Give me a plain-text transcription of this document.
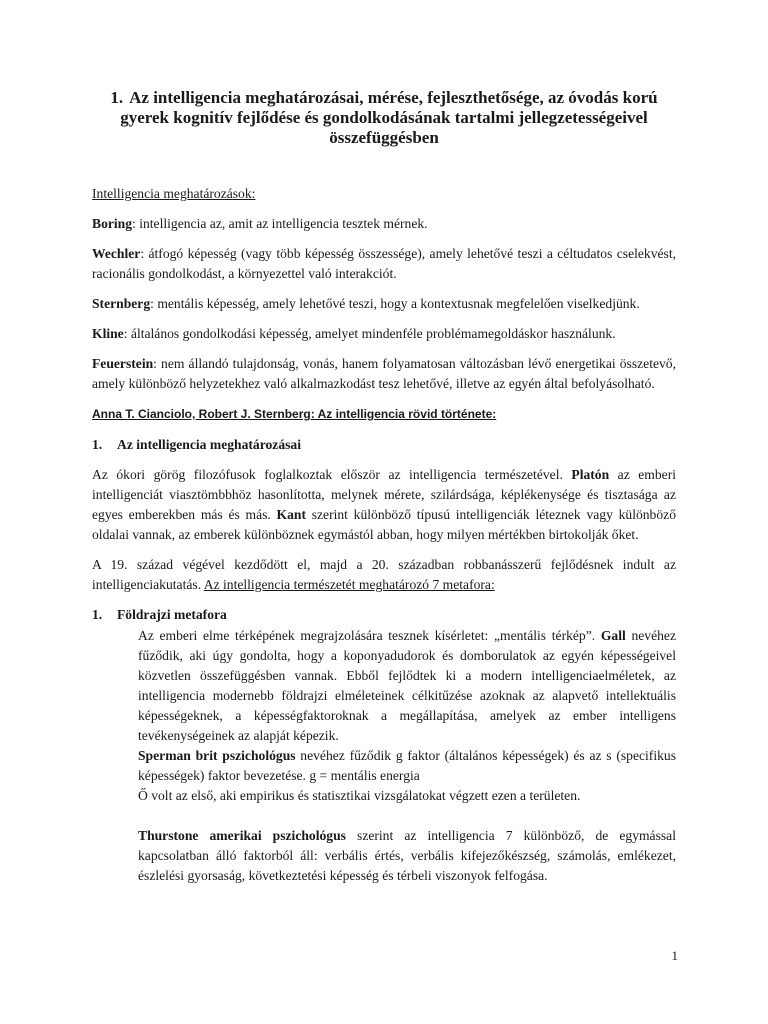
1. Az intelligencia meghatározásai, mérése, fejleszthetősége, az óvodás korú gyerek kognitív fejlődése és gondolkodásának tartalmi jellegzetességeivel összefüggésben

Intelligencia meghatározások:

Boring: intelligencia az, amit az intelligencia tesztek mérnek.

Wechler: átfogó képesség (vagy több képesség összessége), amely lehetővé teszi a céltudatos cselekvést, racionális gondolkodást, a környezettel való interakciót.

Sternberg: mentális képesség, amely lehetővé teszi, hogy a kontextusnak megfelelően viselkedjünk.

Kline: általános gondolkodási képesség, amelyet mindenféle problémamegoldáskor használunk.

Feuerstein: nem állandó tulajdonság, vonás, hanem folyamatosan változásban lévő energetikai összetevő, amely különböző helyzetekhez való alkalmazkodást tesz lehetővé, illetve az egyén által befolyásolható.

Anna T. Cianciolo, Robert J. Sternberg: Az intelligencia rövid története:

1.	Az intelligencia meghatározásai

Az ókori görög filozófusok foglalkoztak először az intelligencia természetével. Platón az emberi intelligenciát viasztömbbhöz hasonlította, melynek mérete, szilárdsága, képlékenysége és tisztasága az egyes emberekben más és más. Kant szerint különböző típusú intelligenciák léteznek vagy különböző oldalai vannak, az emberek különböznek egymástól abban, hogy milyen mértékben birtokolják őket.

A 19. század végével kezdődött el, majd a 20. században robbanásszerű fejlődésnek indult az intelligenciakutatás. Az intelligencia természetét meghatározó 7 metafora:

1.	Földrajzi metafora

Az emberi elme térképének megrajzolására tesznek kísérletet: „mentális térkép”. Gall nevéhez fűződik, aki úgy gondolta, hogy a koponyadudorok és domborulatok az egyén képességeivel közvetlen összefüggésben vannak. Ebből fejlődtek ki a modern intelligenciaelméletek, az intelligencia modernebb földrajzi elméleteinek célkitűzése azoknak az alapvető intellektuális képességeknek, a képességfaktoroknak a megállapítása, amelyek az ember intelligens tevékenységeinek az alapját képezik.

Sperman brit pszichológus nevéhez fűződik g faktor (általános képességek) és az s (specifikus képességek) faktor bevezetése. g = mentális energia

Ő volt az első, aki empirikus és statisztikai vizsgálatokat végzett ezen a területen.

Thurstone amerikai pszichológus szerint az intelligencia 7 különböző, de egymással kapcsolatban álló faktorból áll: verbális értés, verbális kifejezőkészség, számolás, emlékezet, észlelési gyorsaság, következtetési képesség és térbeli viszonyok felfogása.

1
